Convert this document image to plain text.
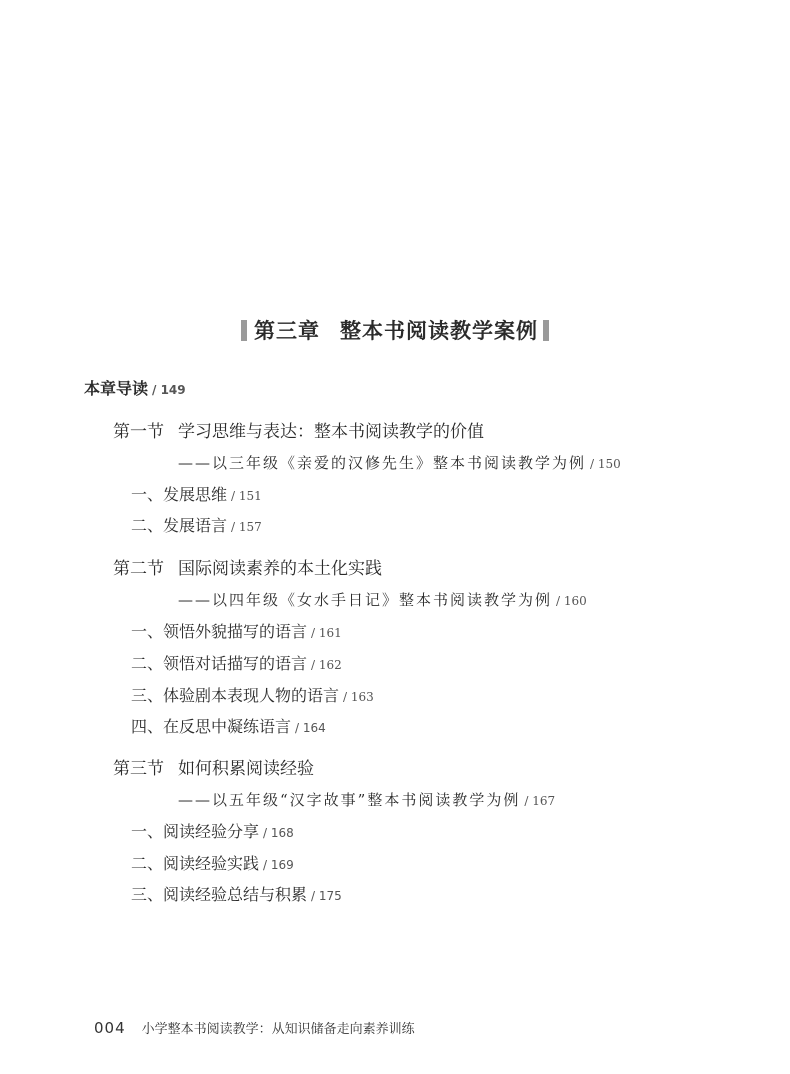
第三章 整本书阅读教学案例
本章导读 / 149
第一节 学习思维与表达：整本书阅读教学的价值
——以三年级《亲爱的汉修先生》整本书阅读教学为例 / 150
一、发展思维 / 151
二、发展语言 / 157
第二节 国际阅读素养的本土化实践
——以四年级《女水手日记》整本书阅读教学为例 / 160
一、领悟外貌描写的语言 / 161
二、领悟对话描写的语言 / 162
三、体验剧本表现人物的语言 / 163
四、在反思中凝练语言 / 164
第三节 如何积累阅读经验
——以五年级“汉字故事”整本书阅读教学为例 / 167
一、阅读经验分享 / 168
二、阅读经验实践 / 169
三、阅读经验总结与积累 / 175
004 小学整本书阅读教学：从知识储备走向素养训练
